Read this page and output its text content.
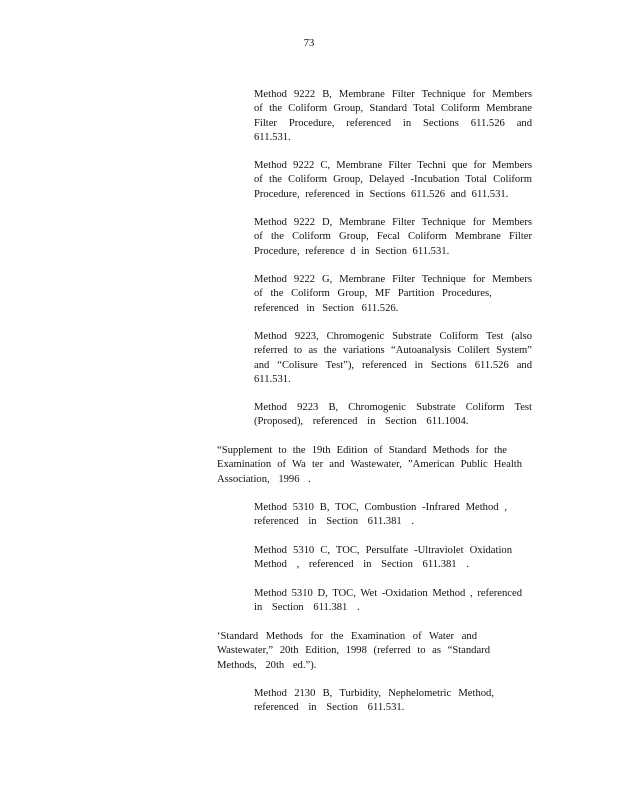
73
Method 9222 B, Membrane Filter Technique for Members
of the Coliform Group, Standard Total Coliform Membrane
Filter Procedure, referenced in Sections 611.526 and
611.531.
Method 9222 C, Membrane Filter Techni que for Members
of the Coliform Group, Delayed -Incubation Total Coliform
Procedure, referenced in Sections 611.526 and 611.531.
Method 9222 D, Membrane Filter Technique for Members
of the Coliform Group, Fecal Coliform Membrane Filter
Procedure, reference d in Section 611.531.
Method 9222 G, Membrane Filter Technique for Members
of the Coliform Group, MF Partition Procedures,
referenced in Section 611.526.
Method 9223, Chromogenic Substrate Coliform Test (also
referred to as the variations “Autoanalysis Colilert System”
and “Colisure Test”), referenced in Sections 611.526 and
611.531.
Method 9223 B, Chromogenic Substrate Coliform Test
(Proposed), referenced in Section 611.1004.
“Supplement to the 19th Edition of Standard Methods for the
Examination of Wa ter and Wastewater, ”American Public Health
Association, 1996 .
Method 5310 B, TOC, Combustion -Infrared Method ,
referenced in Section 611.381 .
Method 5310 C, TOC, Persulfate -Ultraviolet Oxidation
Method , referenced in Section 611.381 .
Method 5310 D, TOC, Wet -Oxidation Method , referenced
in Section 611.381 .
‘Standard Methods for the Examination of Water and
Wastewater,” 20th Edition, 1998 (referred to as “Standard
Methods, 20th ed.”).
Method 2130 B, Turbidity, Nephelometric Method,
referenced in Section 611.531.
